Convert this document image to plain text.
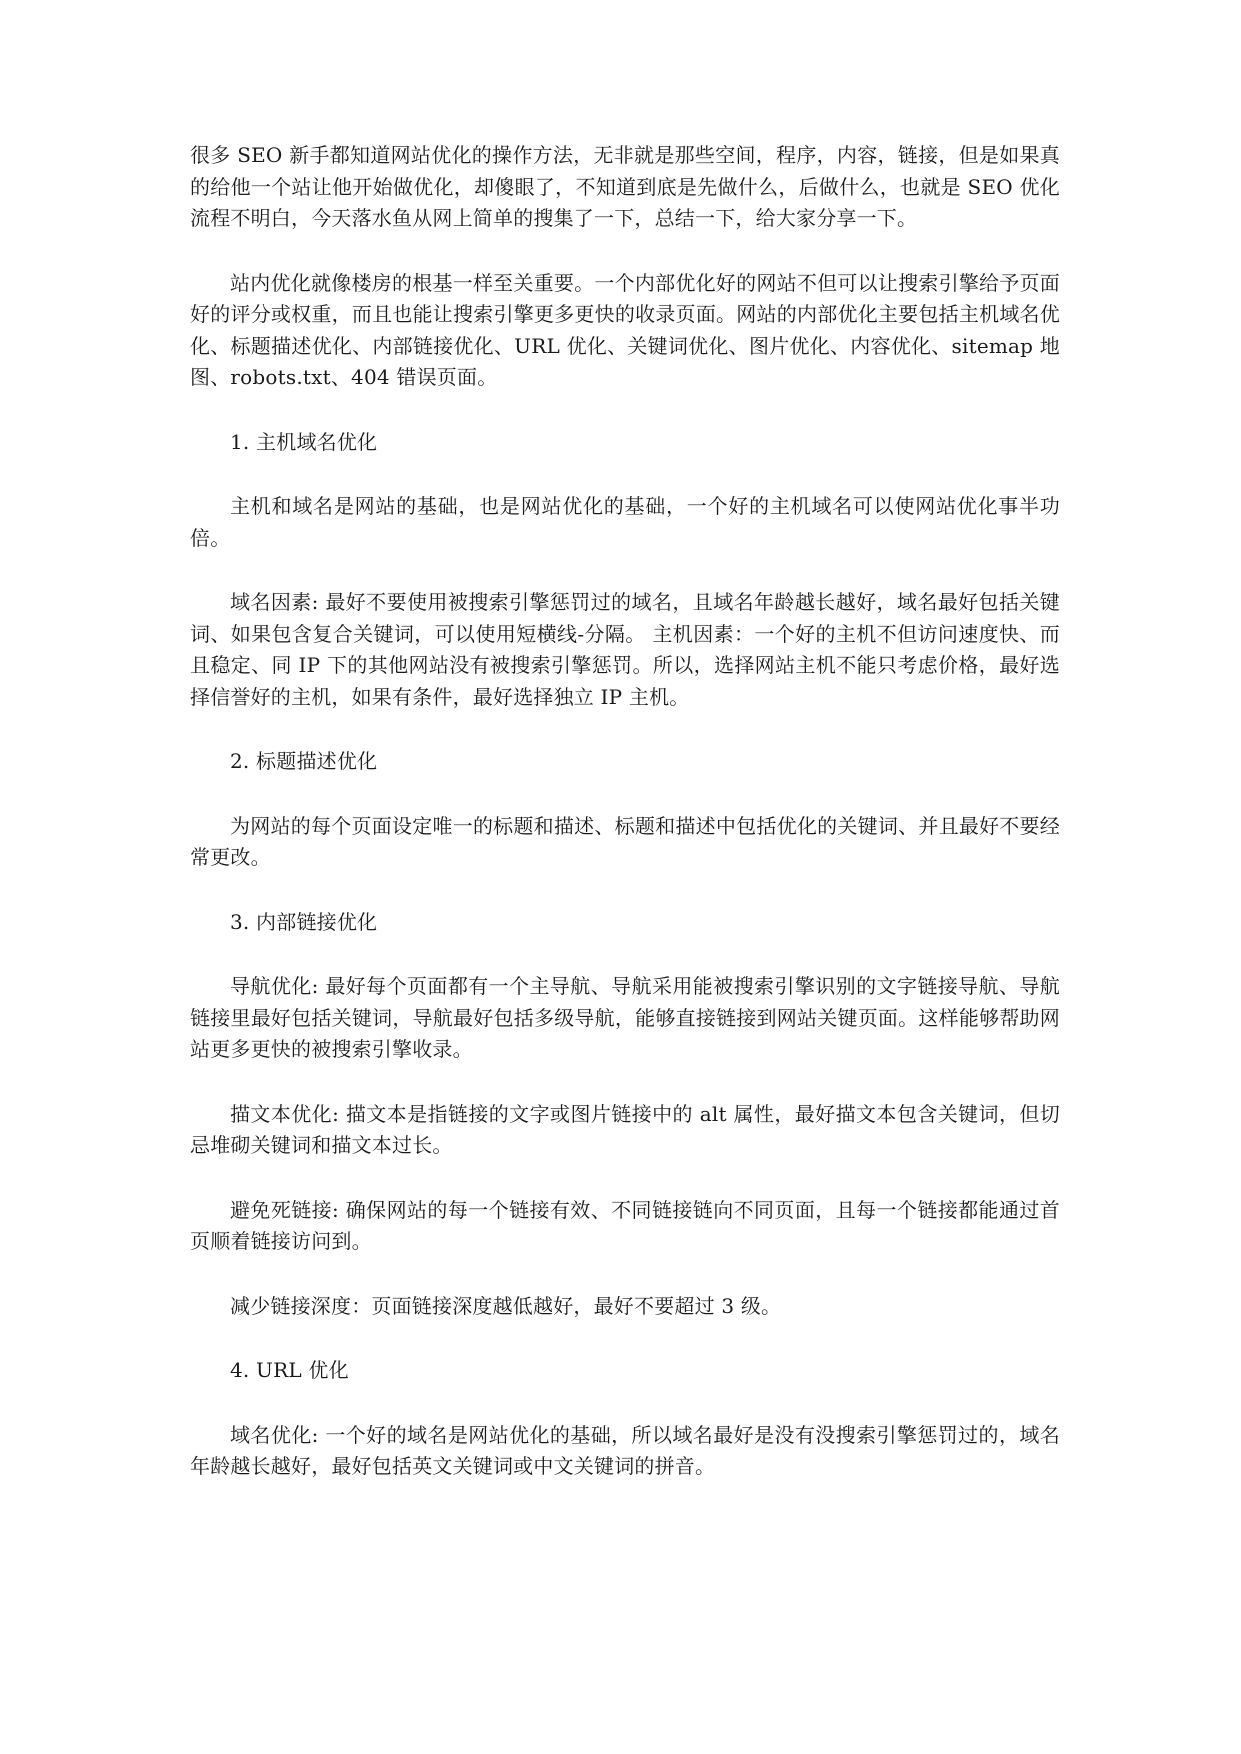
很多 SEO 新手都知道网站优化的操作方法，无非就是那些空间，程序，内容，链接，但是如果真的给他一个站让他开始做优化，却傻眼了，不知道到底是先做什么，后做什么，也就是 SEO 优化流程不明白，今天落水鱼从网上简单的搜集了一下，总结一下，给大家分享一下。

站内优化就像楼房的根基一样至关重要。一个内部优化好的网站不但可以让搜索引擎给予页面好的评分或权重，而且也能让搜索引擎更多更快的收录页面。网站的内部优化主要包括主机域名优化、标题描述优化、内部链接优化、URL 优化、关键词优化、图片优化、内容优化、sitemap 地图、robots.txt、404 错误页面。

1. 主机域名优化

主机和域名是网站的基础，也是网站优化的基础，一个好的主机域名可以使网站优化事半功倍。

域名因素: 最好不要使用被搜索引擎惩罚过的域名，且域名年龄越长越好，域名最好包括关键词、如果包含复合关键词，可以使用短横线-分隔。 主机因素：一个好的主机不但访问速度快、而且稳定、同 IP 下的其他网站没有被搜索引擎惩罚。所以，选择网站主机不能只考虑价格，最好选择信誉好的主机，如果有条件，最好选择独立 IP 主机。

2. 标题描述优化

为网站的每个页面设定唯一的标题和描述、标题和描述中包括优化的关键词、并且最好不要经常更改。

3. 内部链接优化

导航优化: 最好每个页面都有一个主导航、导航采用能被搜索引擎识别的文字链接导航、导航链接里最好包括关键词，导航最好包括多级导航，能够直接链接到网站关键页面。这样能够帮助网站更多更快的被搜索引擎收录。

描文本优化: 描文本是指链接的文字或图片链接中的 alt 属性，最好描文本包含关键词，但切忌堆砌关键词和描文本过长。

避免死链接: 确保网站的每一个链接有效、不同链接链向不同页面，且每一个链接都能通过首页顺着链接访问到。

减少链接深度：页面链接深度越低越好，最好不要超过 3 级。

4. URL 优化

域名优化: 一个好的域名是网站优化的基础，所以域名最好是没有没搜索引擎惩罚过的，域名年龄越长越好，最好包括英文关键词或中文关键词的拼音。
